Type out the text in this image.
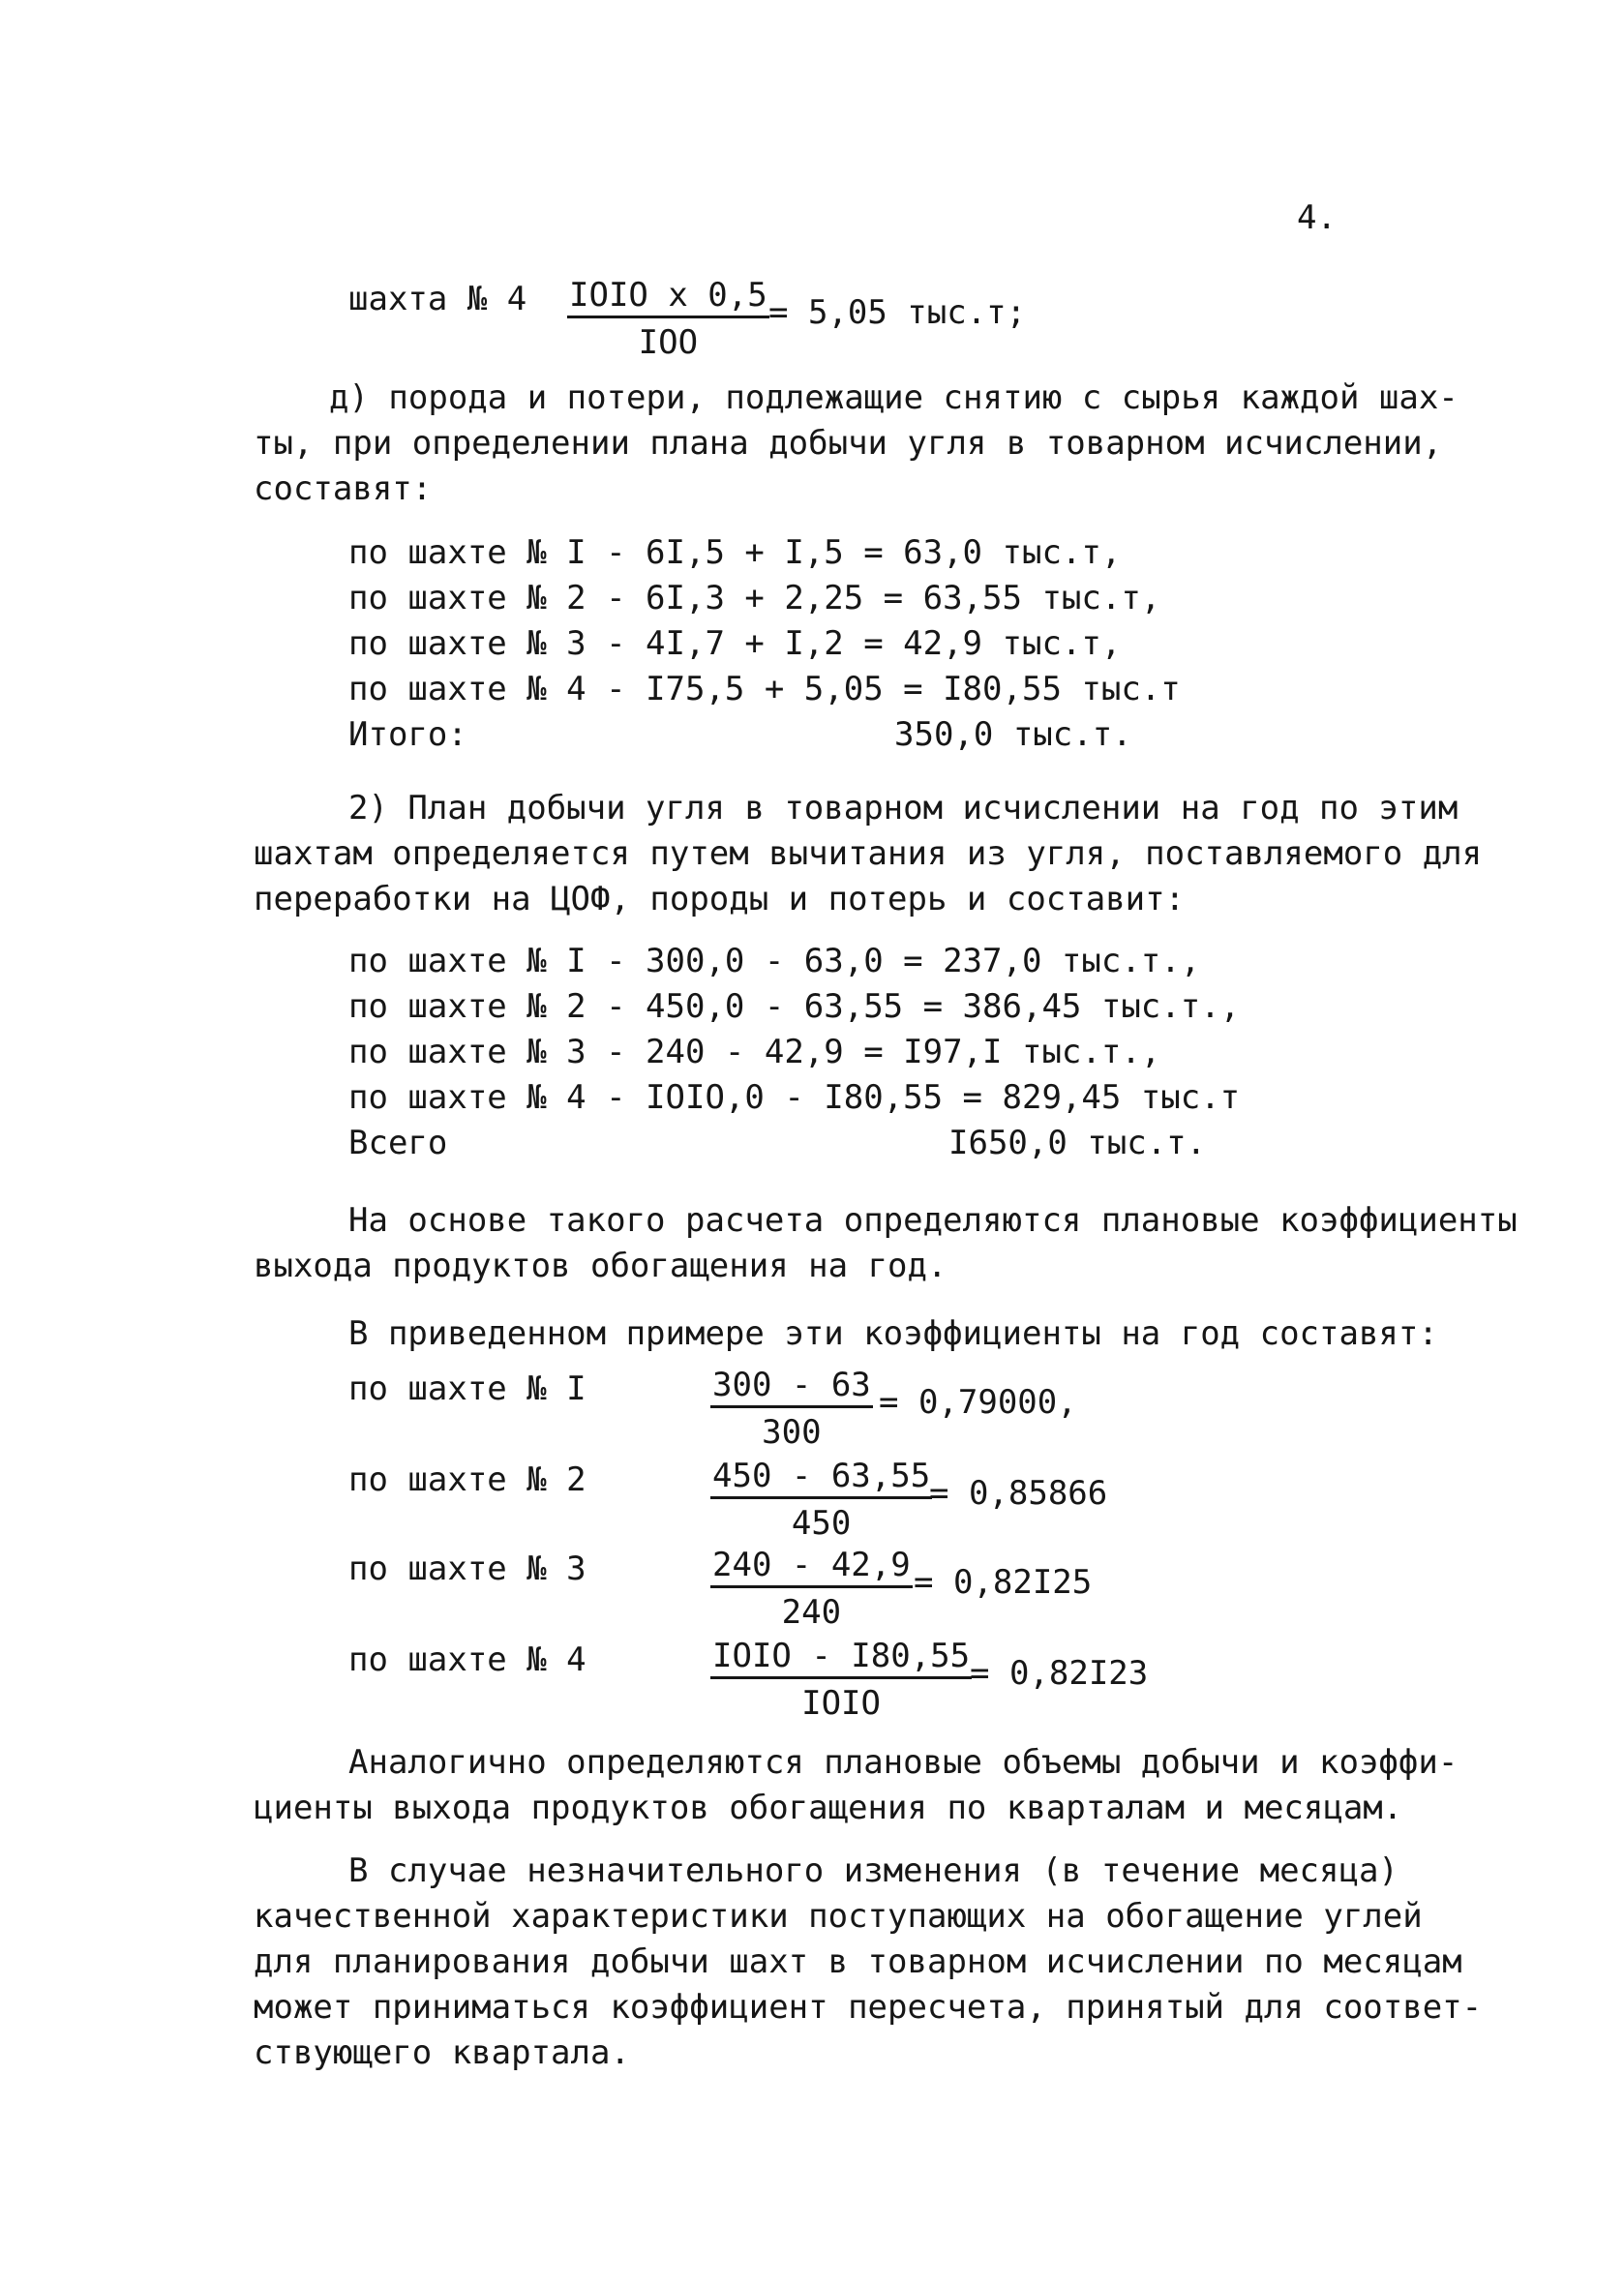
4.
шахта № 4 IOIO x 0,5
IOO
= 5,05 тыс.т;
д) порода и потери, подлежащие снятию с сырья каждой шах-
ты, при определении плана добычи угля в товарном исчислении,
составят:
по шахте № I - 6I,5 + I,5 = 63,0 тыс.т,
по шахте № 2 - 6I,3 + 2,25 = 63,55 тыс.т,
по шахте № 3 - 4I,7 + I,2 = 42,9 тыс.т,
по шахте № 4 - I75,5 + 5,05 = I80,55 тыс.т
Итого:	350,0 тыс.т.
2) План добычи угля в товарном исчислении на год по этим
шахтам определяется путем вычитания из угля, поставляемого для
переработки на ЦОФ, породы и потерь и составит:
по шахте № I - 300,0 - 63,0 = 237,0 тыс.т.,
по шахте № 2 - 450,0 - 63,55 = 386,45 тыс.т.,
по шахте № 3 - 240 - 42,9 = I97,I тыс.т.,
по шахте № 4 - IOIO,0 - I80,55 = 829,45 тыс.т
Всего	I650,0 тыс.т.
На основе такого расчета определяются плановые коэффициенты
выхода продуктов обогащения на год.
В приведенном примере эти коэффициенты на год составят:
по шахте № I	$\frac{300 - 63}{300} = 0,79000$,
по шахте № 2	$\frac{450 - 63,55}{450}$
= 0,85866
по шахте № 3	$\frac{240 - 42,9}{240} = 0,82I25$
по шахте № 4	IOIO - I80,55
IOIO
= 0,82I23
Аналогично определяются плановые объемы добычи и коэффи-
циенты выхода продуктов обогащения по кварталам и месяцам.
В случае незначительного изменения (в течение месяца)
качественной характеристики поступающих на обогащение углей
для планирования добычи шахт в товарном исчислении по месяцам
может приниматься коэффициент пересчета, принятый для соответ-
ствующего квартала.
